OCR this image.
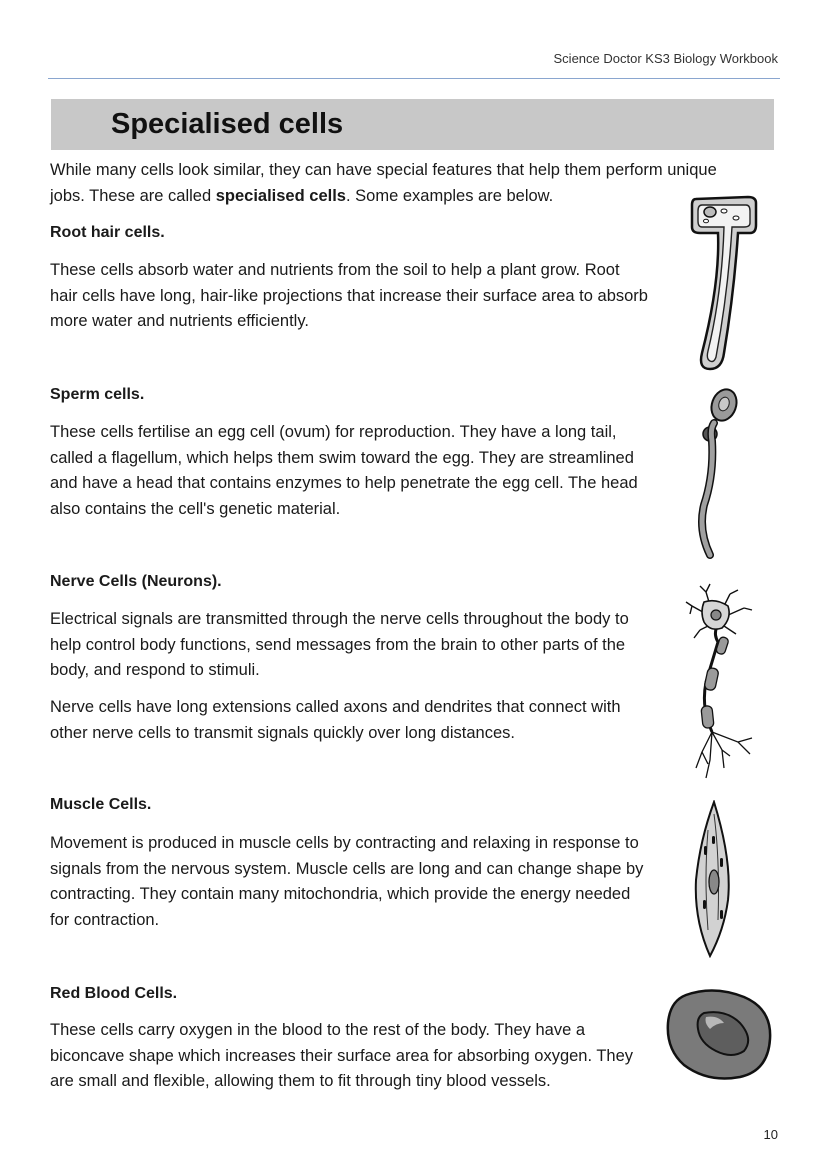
Science Doctor KS3 Biology Workbook
Specialised cells
While many cells look similar, they can have special features that help them perform unique jobs. These are called specialised cells. Some examples are below.
Root hair cells.
These cells absorb water and nutrients from the soil to help a plant grow. Root hair cells have long, hair-like projections that increase their surface area to absorb more water and nutrients efficiently.
Sperm cells.
These cells fertilise an egg cell (ovum) for reproduction. They have a long tail, called a flagellum, which helps them swim toward the egg. They are streamlined and have a head that contains enzymes to help penetrate the egg cell. The head also contains the cell's genetic material.
Nerve Cells (Neurons).
Electrical signals are transmitted through the nerve cells throughout the body to help control body functions, send messages from the brain to other parts of the body, and respond to stimuli.
Nerve cells have long extensions called axons and dendrites that connect with other nerve cells to transmit signals quickly over long distances.
Muscle Cells.
Movement is produced in muscle cells by contracting and relaxing in response to signals from the nervous system. Muscle cells are long and can change shape by contracting. They contain many mitochondria, which provide the energy needed for contraction.
Red Blood Cells.
These cells carry oxygen in the blood to the rest of the body. They have a biconcave shape which increases their surface area for absorbing oxygen. They are small and flexible, allowing them to fit through tiny blood vessels.
10
